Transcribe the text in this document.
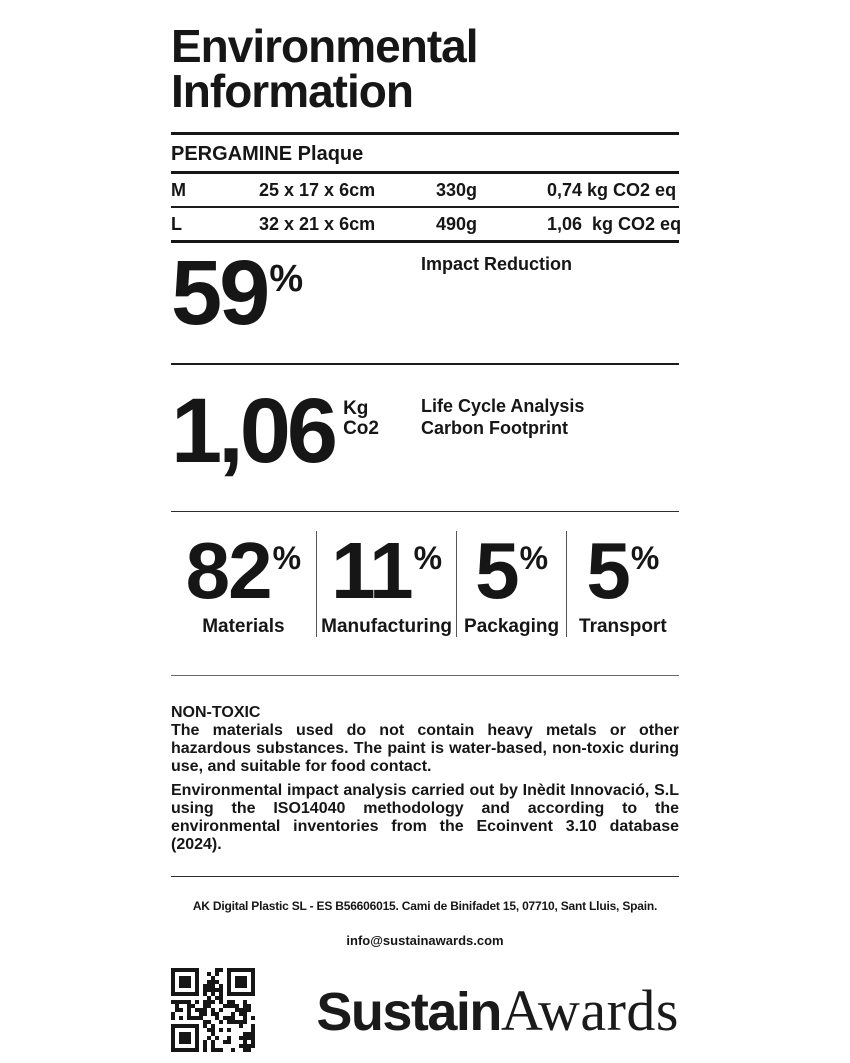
Environmental
Information
PERGAMINE Plaque
M	25 x 17 x 6cm	330g	0,74 kg CO2 eq
L	32 x 21 x 6cm	490g	1,06  kg CO2 eq
59 %	Impact Reduction
1,06 Kg
Co2
Life Cycle Analysis
Carbon Footprint
82 %
Materials
11 %
Manufacturing
5 %
Packaging
5 %
Transport
NON-TOXIC

The materials used do not contain heavy metals or other hazardous substances. The paint is water-based, non-toxic during use, and suitable for food contact.

Environmental impact analysis carried out by Inèdit Innovació, S.L using the ISO14040 methodology and according to the environmental inventories from the Ecoinvent 3.10 database (2024).

AK Digital Plastic SL - ES B56606015. Cami de Binifadet 15, 07710, Sant Lluis, Spain.
info@sustainawards.com
Sustain Awards
